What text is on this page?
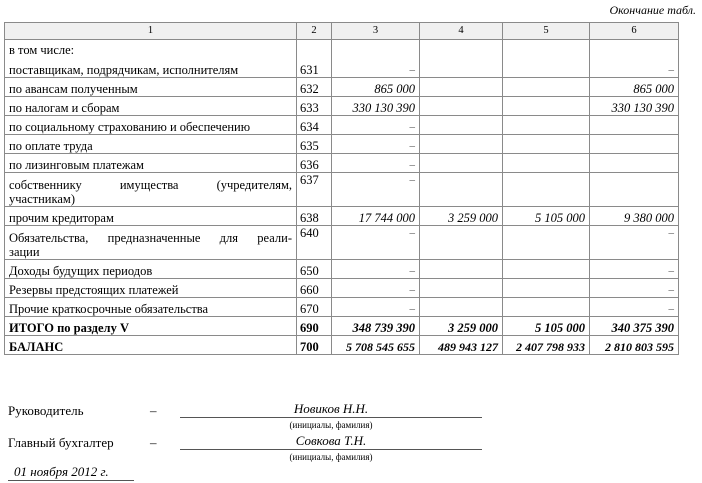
Окончание табл.
1	2	3	4	5	6

в том числе:
поставщикам, подрядчикам, исполнителям	631	–			–
по авансам полученным	632	865 000			865 000
по налогам и сборам	633	330 130 390			330 130 390
по социальному страхованию и обеспечению	634	–			
по оплате труда	635	–			
по лизинговым платежам	636	–			

собственнику имущества (учредителям,
участникам)	637	–			
прочим кредиторам	638	17 744 000	3 259 000	5 105 000	9 380 000

Обязательства, предназначенные для реали-
зации	640	–			–
Доходы будущих периодов	650	–			–
Резервы предстоящих платежей	660	–			–
Прочие краткосрочные обязательства	670	–			–
ИТОГО по разделу V	690	348 739 390	3 259 000	5 105 000	340 375 390
БАЛАНС	700	5 708 545 655	489 943 127	2 407 798 933	2 810 803 595
Руководитель	–	Новиков Н.Н.
(инициалы, фамилия)
Главный бухгалтер	–	Совкова Т.Н.
(инициалы, фамилия)
01 ноября 2012 г.
